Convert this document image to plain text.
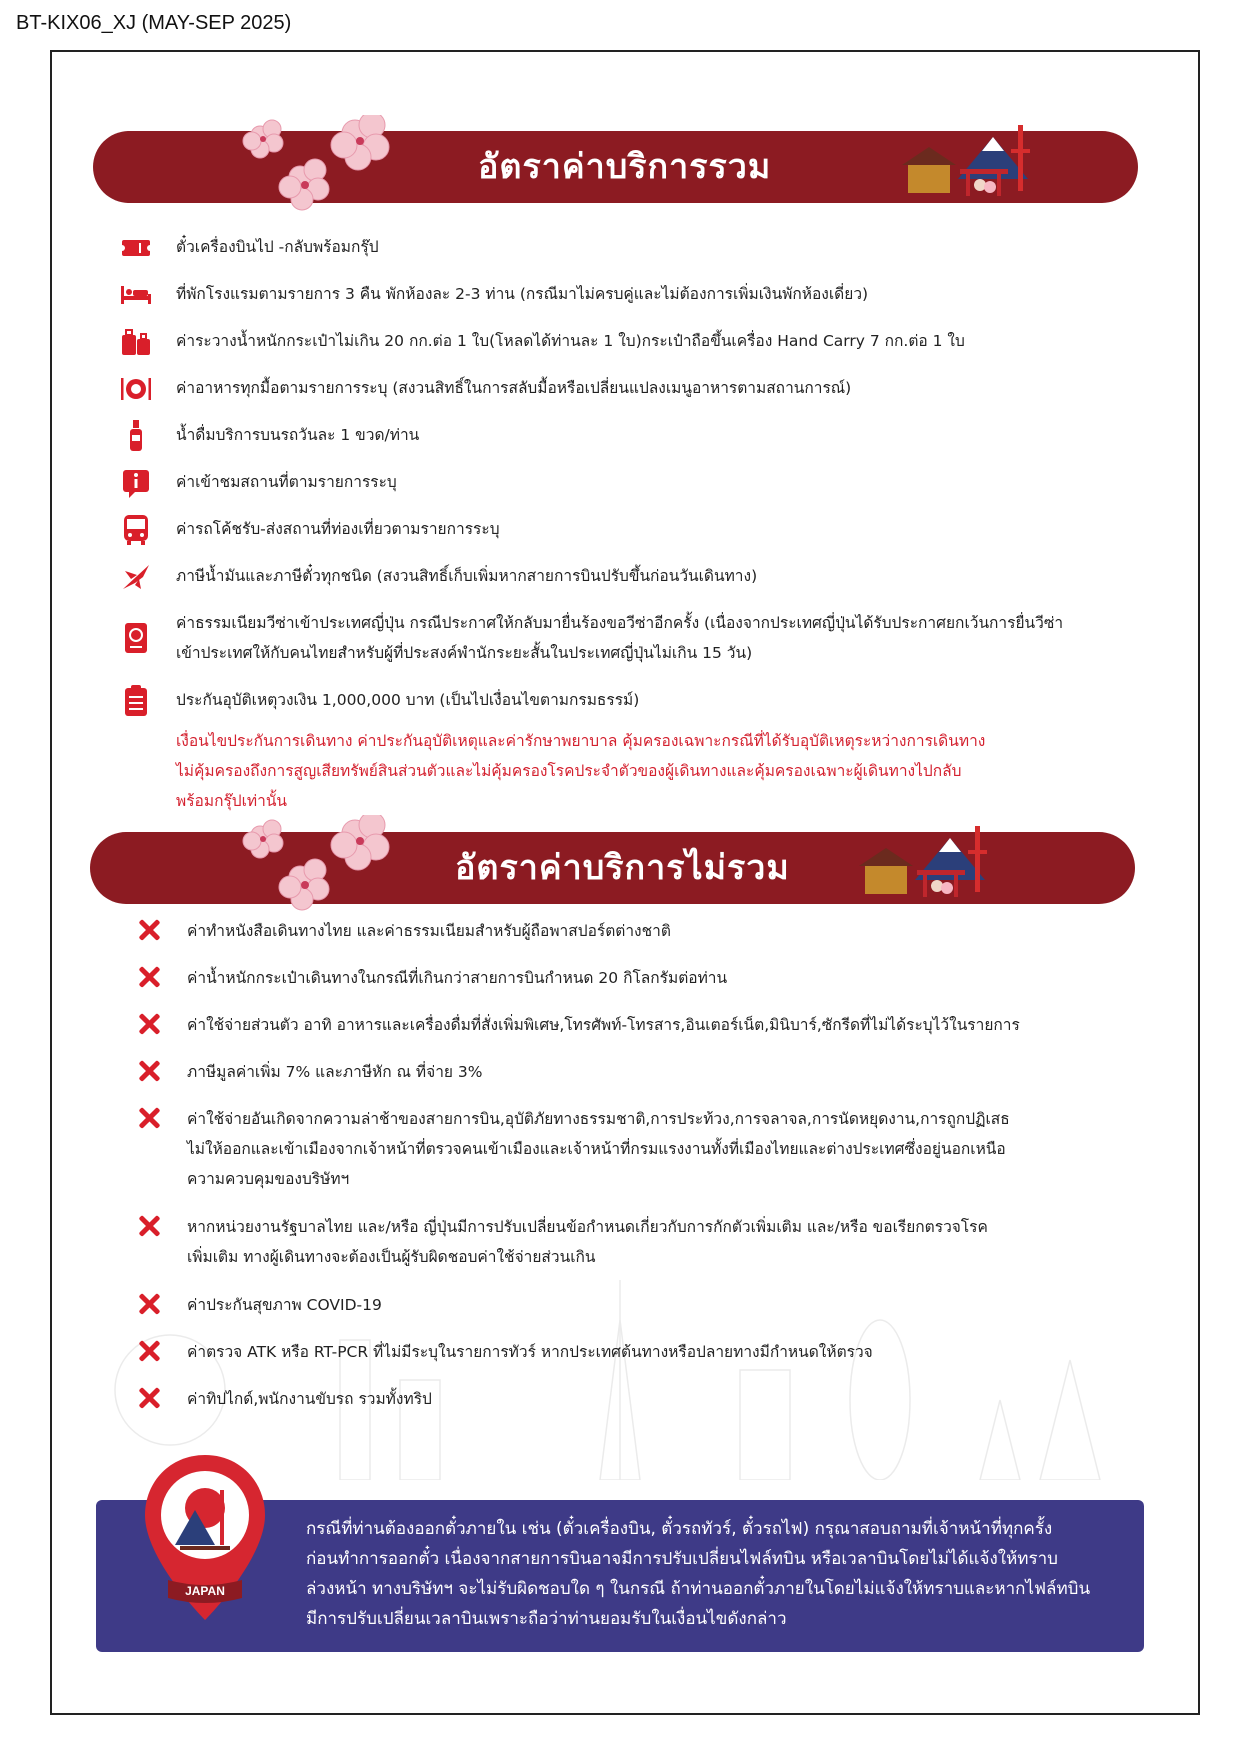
BT-KIX06_XJ (MAY-SEP 2025)
อัตราค่าบริการรวม
ตั๋วเครื่องบินไป -กลับพร้อมกรุ๊ป
ที่พักโรงแรมตามรายการ 3 คืน พักห้องละ 2-3 ท่าน (กรณีมาไม่ครบคู่และไม่ต้องการเพิ่มเงินพักห้องเดี่ยว)
ค่าระวางน้ำหนักกระเป๋าไม่เกิน 20 กก.ต่อ 1 ใบ(โหลดได้ท่านละ 1 ใบ)กระเป๋าถือขึ้นเครื่อง Hand Carry 7 กก.ต่อ 1 ใบ
ค่าอาหารทุกมื้อตามรายการระบุ (สงวนสิทธิ์ในการสลับมื้อหรือเปลี่ยนแปลงเมนูอาหารตามสถานการณ์)
น้ำดื่มบริการบนรถวันละ 1 ขวด/ท่าน
ค่าเข้าชมสถานที่ตามรายการระบุ
ค่ารถโค้ชรับ-ส่งสถานที่ท่องเที่ยวตามรายการระบุ
ภาษีน้ำมันและภาษีตั๋วทุกชนิด (สงวนสิทธิ์เก็บเพิ่มหากสายการบินปรับขึ้นก่อนวันเดินทาง)
ค่าธรรมเนียมวีซ่าเข้าประเทศญี่ปุ่น กรณีประกาศให้กลับมายื่นร้องขอวีซ่าอีกครั้ง (เนื่องจากประเทศญี่ปุ่นได้รับประกาศยกเว้นการยื่นวีซ่า
เข้าประเทศให้กับคนไทยสำหรับผู้ที่ประสงค์พำนักระยะสั้นในประเทศญี่ปุ่นไม่เกิน 15 วัน)
ประกันอุบัติเหตุวงเงิน 1,000,000 บาท (เป็นไปเงื่อนไขตามกรมธรรม์)
เงื่อนไขประกันการเดินทาง ค่าประกันอุบัติเหตุและค่ารักษาพยาบาล คุ้มครองเฉพาะกรณีที่ได้รับอุบัติเหตุระหว่างการเดินทาง
ไม่คุ้มครองถึงการสูญเสียทรัพย์สินส่วนตัวและไม่คุ้มครองโรคประจำตัวของผู้เดินทางและคุ้มครองเฉพาะผู้เดินทางไปกลับ
พร้อมกรุ๊ปเท่านั้น
อัตราค่าบริการไม่รวม
ค่าทำหนังสือเดินทางไทย และค่าธรรมเนียมสำหรับผู้ถือพาสปอร์ตต่างชาติ
ค่าน้ำหนักกระเป๋าเดินทางในกรณีที่เกินกว่าสายการบินกำหนด 20 กิโลกรัมต่อท่าน
ค่าใช้จ่ายส่วนตัว อาทิ อาหารและเครื่องดื่มที่สั่งเพิ่มพิเศษ,โทรศัพท์-โทรสาร,อินเตอร์เน็ต,มินิบาร์,ซักรีดที่ไม่ได้ระบุไว้ในรายการ
ภาษีมูลค่าเพิ่ม 7% และภาษีหัก ณ ที่จ่าย 3%
ค่าใช้จ่ายอันเกิดจากความล่าช้าของสายการบิน,อุบัติภัยทางธรรมชาติ,การประท้วง,การจลาจล,การนัดหยุดงาน,การถูกปฏิเสธ
ไม่ให้ออกและเข้าเมืองจากเจ้าหน้าที่ตรวจคนเข้าเมืองและเจ้าหน้าที่กรมแรงงานทั้งที่เมืองไทยและต่างประเทศซึ่งอยู่นอกเหนือ
ความควบคุมของบริษัทฯ
หากหน่วยงานรัฐบาลไทย และ/หรือ ญี่ปุ่นมีการปรับเปลี่ยนข้อกำหนดเกี่ยวกับการกักตัวเพิ่มเติม และ/หรือ ขอเรียกตรวจโรค
เพิ่มเติม ทางผู้เดินทางจะต้องเป็นผู้รับผิดชอบค่าใช้จ่ายส่วนเกิน
ค่าประกันสุขภาพ COVID-19
ค่าตรวจ ATK หรือ RT-PCR ที่ไม่มีระบุในรายการทัวร์ หากประเทศต้นทางหรือปลายทางมีกำหนดให้ตรวจ
ค่าทิปไกด์,พนักงานขับรถ รวมทั้งทริป
กรณีที่ท่านต้องออกตั๋วภายใน เช่น (ตั๋วเครื่องบิน, ตั๋วรถทัวร์, ตั๋วรถไฟ) กรุณาสอบถามที่เจ้าหน้าที่ทุกครั้ง
ก่อนทำการออกตั๋ว เนื่องจากสายการบินอาจมีการปรับเปลี่ยนไฟล์ทบิน หรือเวลาบินโดยไม่ได้แจ้งให้ทราบ
ล่วงหน้า ทางบริษัทฯ จะไม่รับผิดชอบใด ๆ ในกรณี ถ้าท่านออกตั๋วภายในโดยไม่แจ้งให้ทราบและหากไฟล์ทบิน
มีการปรับเปลี่ยนเวลาบินเพราะถือว่าท่านยอมรับในเงื่อนไขดังกล่าว
JAPAN
